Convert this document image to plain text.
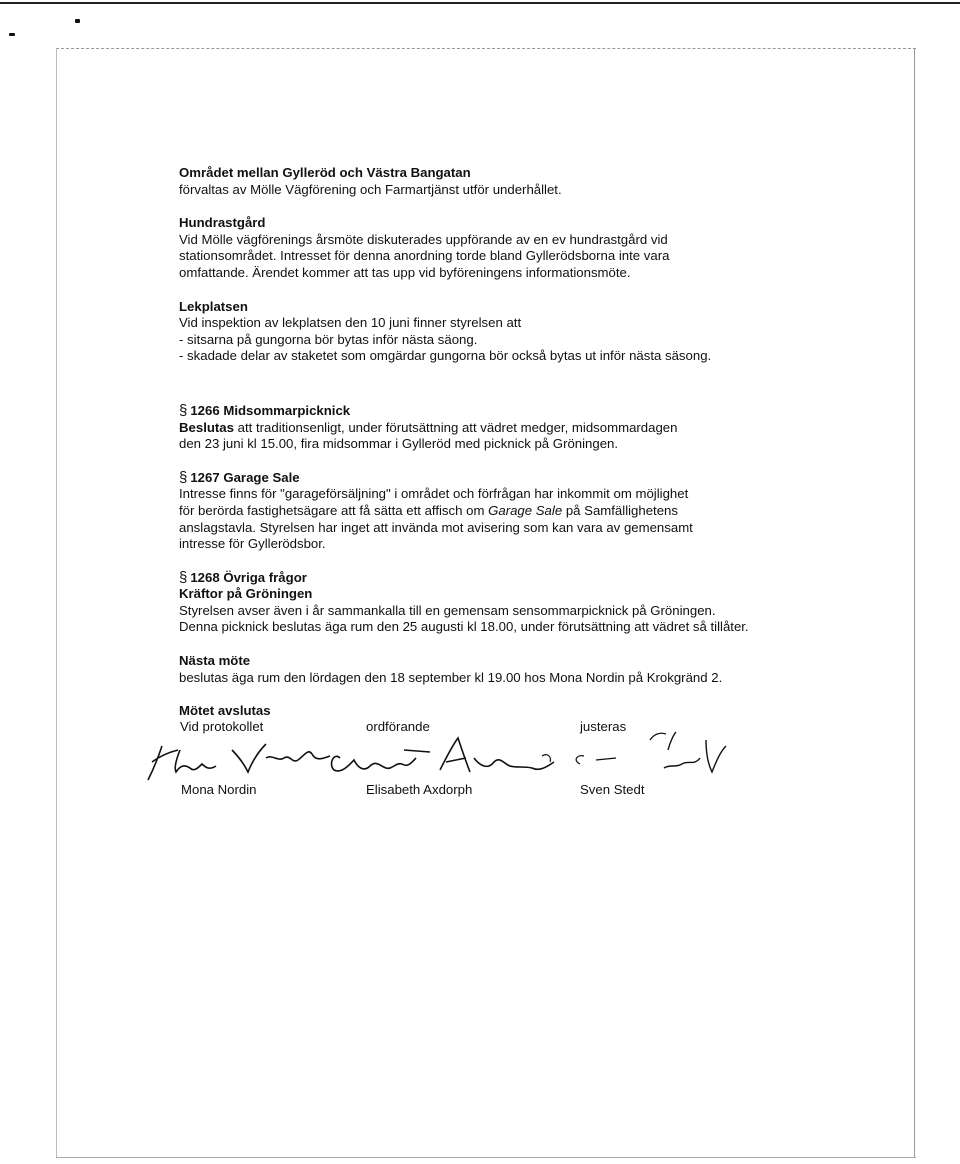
Området mellan Gylleröd och Västra Bangatan

förvaltas av Mölle Vägförening och Farmartjänst utför underhållet.

Hundrastgård

Vid Mölle vägförenings årsmöte diskuterades uppförande av en ev hundrastgård vid

stationsområdet. Intresset för denna anordning torde bland Gyllerödsborna inte vara

omfattande. Ärendet kommer att tas upp vid byföreningens informationsmöte.

Lekplatsen

Vid inspektion av lekplatsen den 10 juni finner styrelsen att

- sitsarna på gungorna bör bytas inför nästa säong.

- skadade delar av staketet som omgärdar gungorna bör också bytas ut inför nästa säsong.

§ 1266 Midsommarpicknick

Beslutas att traditionsenligt, under förutsättning att vädret medger, midsommardagen

den 23 juni kl 15.00, fira midsommar i Gylleröd med picknick på Gröningen.

§ 1267 Garage Sale

Intresse finns för "garageförsäljning" i området och förfrågan har inkommit om möjlighet

för berörda fastighetsägare att få sätta ett affisch om Garage Sale på Samfällighetens

anslagstavla. Styrelsen har inget att invända mot avisering som kan vara av gemensamt

intresse för Gyllerödsbor.

§ 1268 Övriga frågor

Kräftor på Gröningen

Styrelsen avser även i år sammankalla till en gemensam sensommarpicknick på Gröningen.

Denna picknick beslutas äga rum den 25 augusti kl 18.00, under förutsättning att vädret så tillåter.

Nästa möte

beslutas äga rum den lördagen den 18 september kl 19.00 hos Mona Nordin på Krokgränd 2.

Mötet avslutas

Vid protokollet	ordförande	justeras
Mona Nordin	Elisabeth Axdorph	Sven Stedt
